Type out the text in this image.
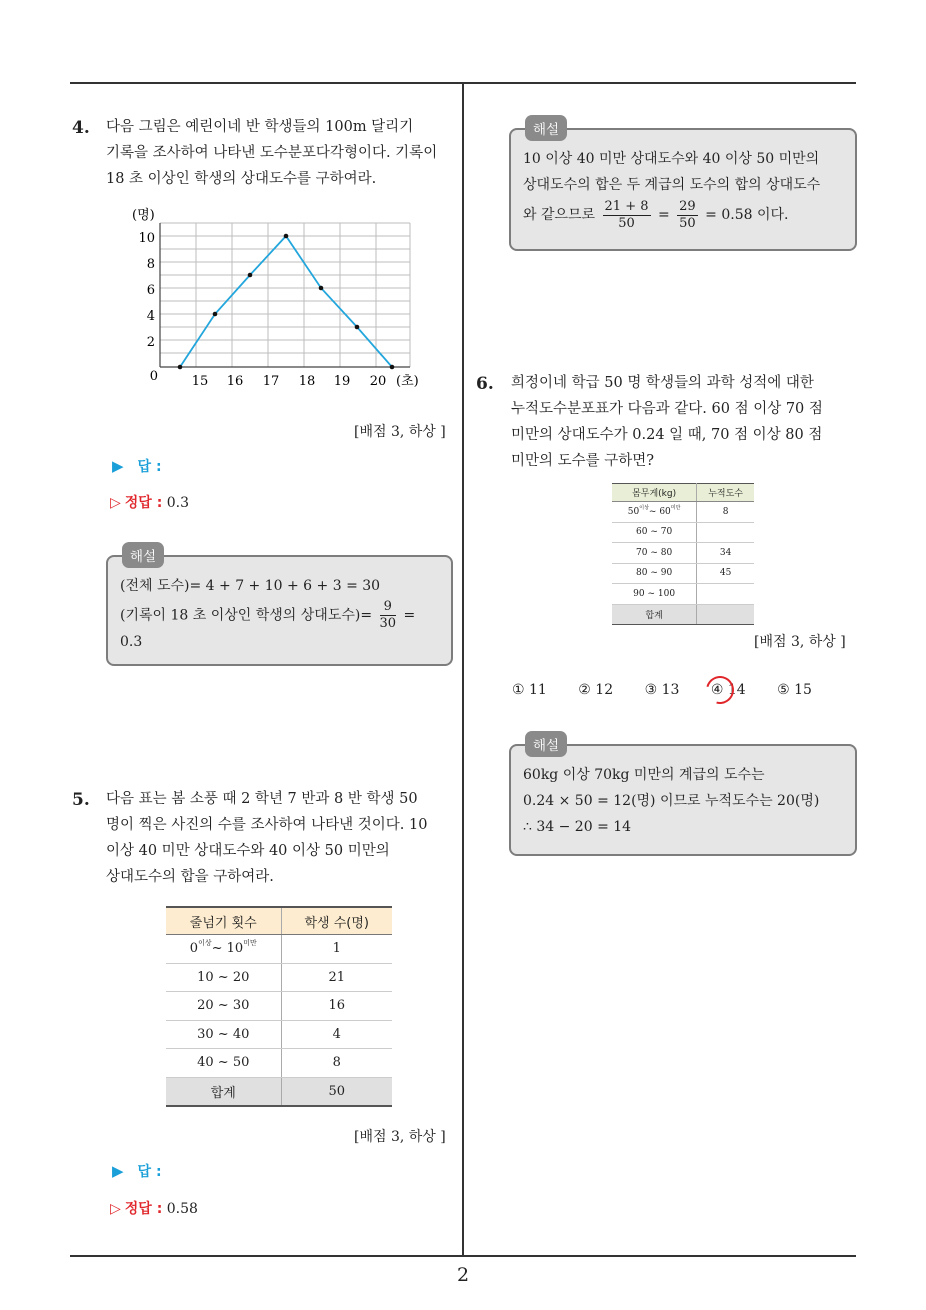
4. 다음 그림은 예린이네 반 학생들의 100m 달리기
기록을 조사하여 나타낸 도수분포다각형이다. 기록이
18 초 이상인 학생의 상대도수를 구하여라.
(명)
(초)
0
2
4
6
8
10
15 16 17 18 19 20
[배점 3, 하상 ]
▶ 답 :
▷ 정답 : 0.3
해설
(전체 도수)= 4 + 7 + 10 + 6 + 3 = 30
(기록이 18 초 이상인 학생의 상대도수)= $\frac{9}{30}$ =
0.3
5. 다음 표는 봄 소풍 때 2 학년 7 반과 8 반 학생 50
명이 찍은 사진의 수를 조사하여 나타낸 것이다. 10
이상 40 미만 상대도수와 40 이상 50 미만의
상대도수의 합을 구하여라.
줄넘기 횟수	학생 수(명)
$0^{이상}\sim$ $10^{미만}$	1
10 ~ 20	21
20 ~ 30	16
30 ~ 40	4
40 ~ 50	8
합계	50
[배점 3, 하상 ]
▶ 답 :
▷ 정답 : 0.58
해설
10 이상 40 미만 상대도수와 40 이상 50 미만의
상대도수의 합은 두 계급의 도수의 합의 상대도수
와 같으므로 $\frac{21 + 8}{50} = \frac{29}{50} = 0.58$ 이다.
6. 희정이네 학급 50 명 학생들의 과학 성적에 대한
누적도수분포표가 다음과 같다. 60 점 이상 70 점
미만의 상대도수가 0.24 일 때, 70 점 이상 80 점
미만의 도수를 구하면?
몸무게(kg)	누적도수
$50^{이상}\sim$ $60^{미만}$	8
60 ~ 70	
70 ~ 80	34
80 ~ 90	45
90 ~ 100	
합계	
[배점 3, 하상 ]
① 11 ② 12 ③ 13 ④ 14 ⑤ 15
해설
60kg 이상 70kg 미만의 계급의 도수는
0.24 × 50 = 12(명) 이므로 누적도수는 20(명)
∴ 34 − 20 = 14
2
